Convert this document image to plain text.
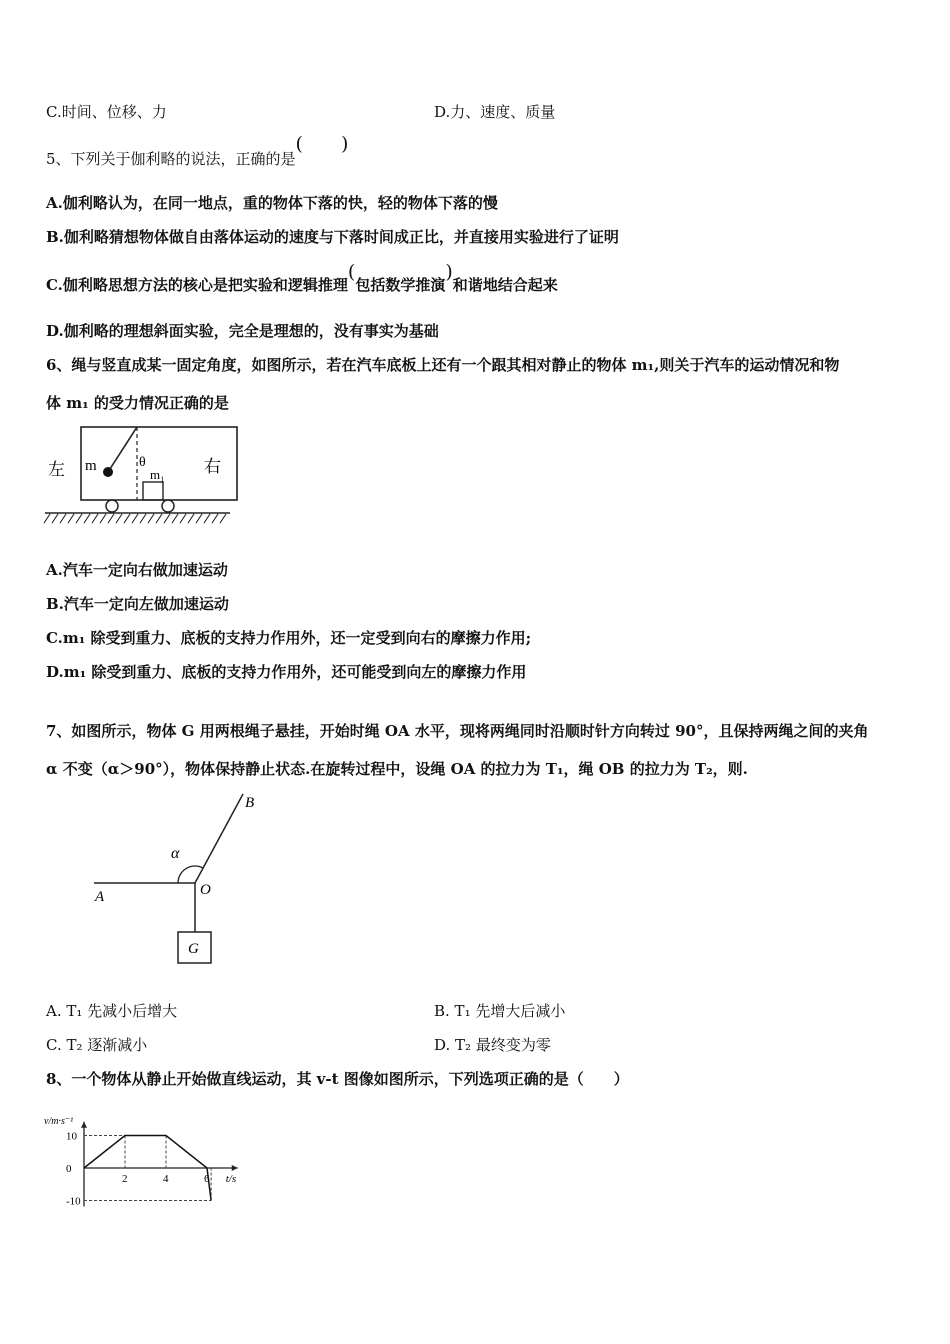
C.时间、位移、力	D.力、速度、质量
5、下列关于伽利略的说法，正确的是( )
A.伽利略认为，在同一地点，重的物体下落的快，轻的物体下落的慢
B.伽利略猜想物体做自由落体运动的速度与下落时间成正比，并直接用实验进行了证明
C.伽利略思想方法的核心是把实验和逻辑推理(包括数学推演)和谐地结合起来
D.伽利略的理想斜面实验，完全是理想的，没有事实为基础
6、绳与竖直成某一固定角度，如图所示，若在汽车底板上还有一个跟其相对静止的物体 m₁,则关于汽车的运动情况和物
体 m₁ 的受力情况正确的是
m	θ
m₁
左	右
A.汽车一定向右做加速运动
B.汽车一定向左做加速运动
C.m₁ 除受到重力、底板的支持力作用外，还一定受到向右的摩擦力作用;
D.m₁ 除受到重力、底板的支持力作用外，还可能受到向左的摩擦力作用
7、如图所示，物体 G 用两根绳子悬挂，开始时绳 OA 水平，现将两绳同时沿顺时针方向转过 90°，且保持两绳之间的夹角
α 不变（α＞90°），物体保持静止状态.在旋转过程中，设绳 OA 的拉力为 T₁，绳 OB 的拉力为 T₂，则.
G
A
B
O
α
A. T₁ 先减小后增大	B. T₁ 先增大后减小
C. T₂ 逐渐减小	D. T₂ 最终变为零
8、一个物体从静止开始做直线运动，其 v-t 图像如图所示，下列选项正确的是（　　）
v/m·s⁻¹
t/s
10
0
-10
2	4	6
